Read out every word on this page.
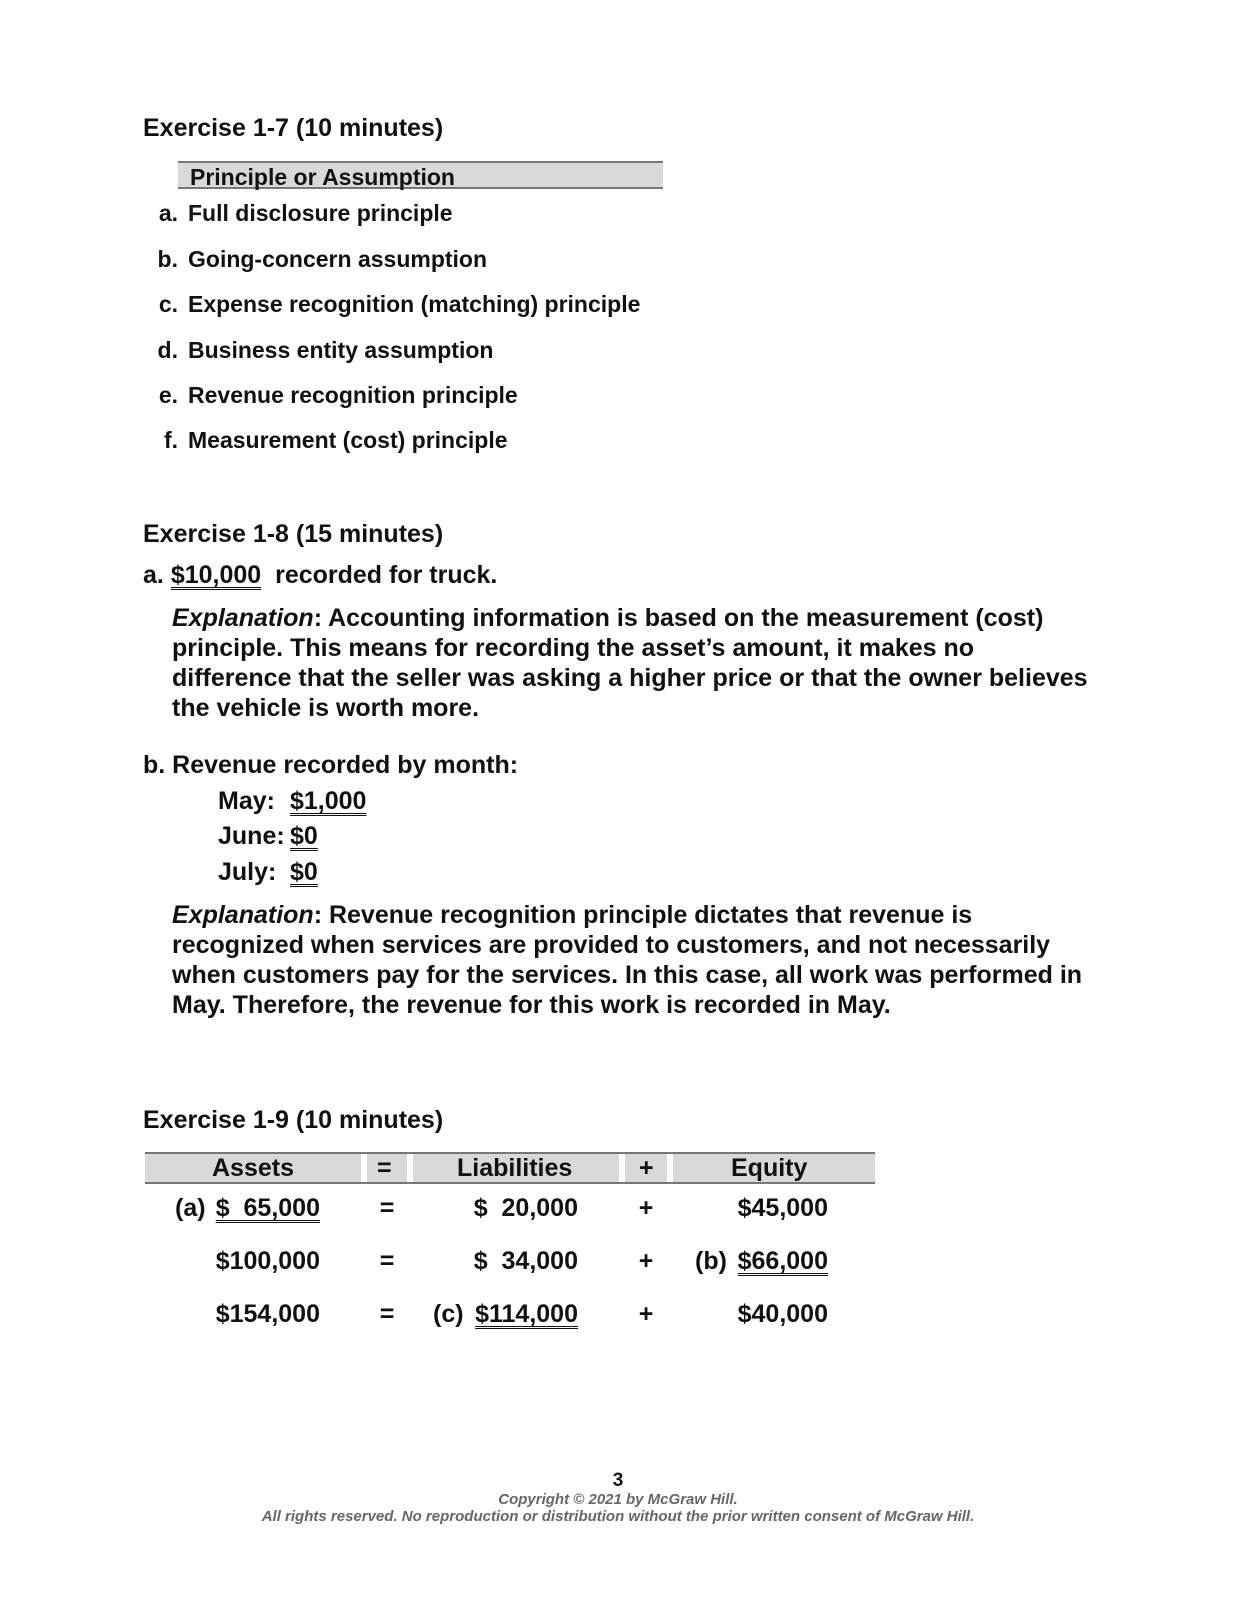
Exercise 1-7 (10 minutes)
Principle or Assumption
a. Full disclosure principle
b. Going-concern assumption
c. Expense recognition (matching) principle
d. Business entity assumption
e. Revenue recognition principle
f. Measurement (cost) principle
Exercise 1-8 (15 minutes)
a. $10,000 recorded for truck.
Explanation: Accounting information is based on the measurement (cost) principle. This means for recording the asset’s amount, it makes no difference that the seller was asking a higher price or that the owner believes the vehicle is worth more.
b. Revenue recorded by month:
May: $1,000
June: $0
July: $0
Explanation: Revenue recognition principle dictates that revenue is recognized when services are provided to customers, and not necessarily when customers pay for the services. In this case, all work was performed in May. Therefore, the revenue for this work is recorded in May.
Exercise 1-9 (10 minutes)
Assets	=	Liabilities	+	Equity
(a) $  65,000 =	$  20,000 +	$45,000
$100,000 =	$  34,000 + (b) $66,000
$154,000 = (c) $114,000 +	$40,000
3
Copyright © 2021 by McGraw Hill.
All rights reserved. No reproduction or distribution without the prior written consent of McGraw Hill.
